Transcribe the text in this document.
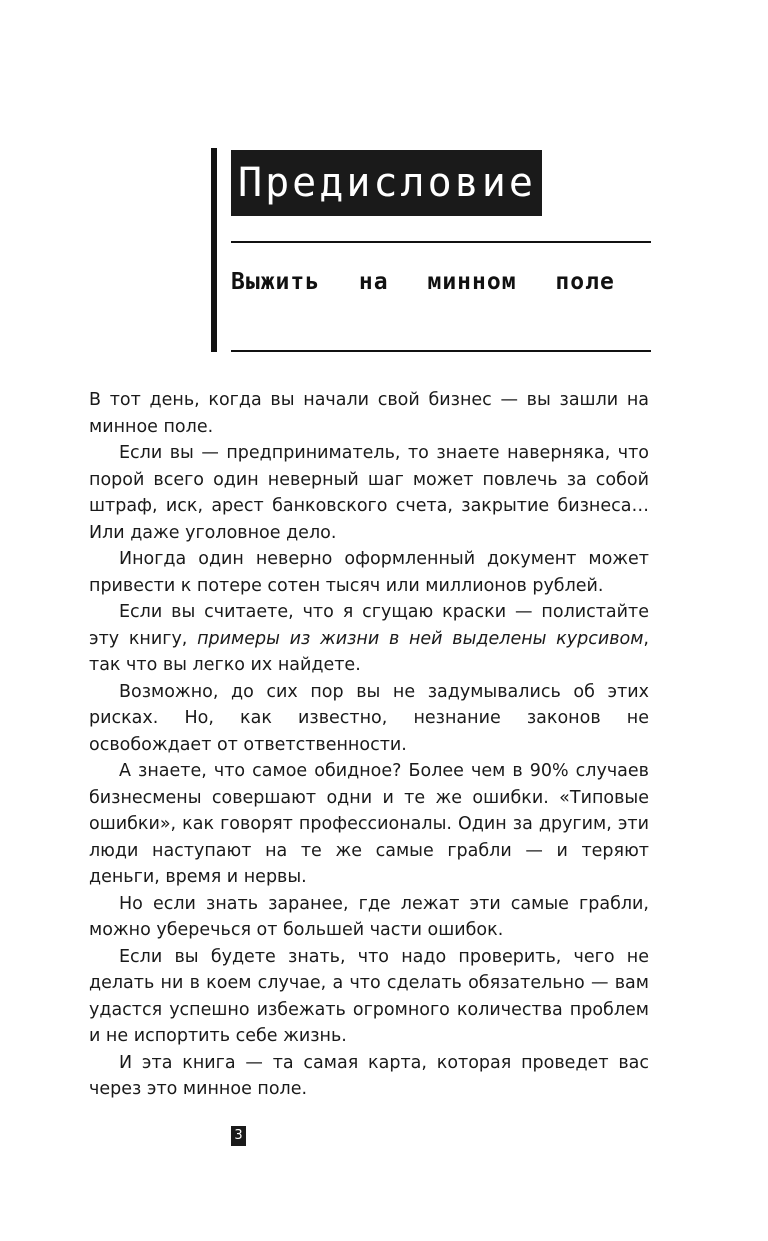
Предисловие

Выжить на минном поле

В тот день, когда вы начали свой бизнес — вы зашли на минное поле.

Если вы — предприниматель, то знаете наверняка, что порой всего один неверный шаг может повлечь за собой штраф, иск, арест банковского счета, закрытие бизнеса… Или даже уголовное дело.

Иногда один неверно оформленный документ может привести к потере сотен тысяч или миллионов рублей.

Если вы считаете, что я сгущаю краски — полистайте эту книгу, примеры из жизни в ней выделены курсивом, так что вы легко их найдете.

Возможно, до сих пор вы не задумывались об этих рисках. Но, как известно, незнание законов не освобождает от ответственности.

А знаете, что самое обидное? Более чем в 90% случаев бизнесмены совершают одни и те же ошибки. «Типовые ошибки», как говорят профессионалы. Один за другим, эти люди наступают на те же самые грабли — и теряют деньги, время и нервы.

Но если знать заранее, где лежат эти самые грабли, можно уберечься от большей части ошибок.

Если вы будете знать, что надо проверить, чего не делать ни в коем случае, а что сделать обязательно — вам удастся успешно избежать огромного количества проблем и не испортить себе жизнь.

И эта книга — та самая карта, которая проведет вас через это минное поле.

3
